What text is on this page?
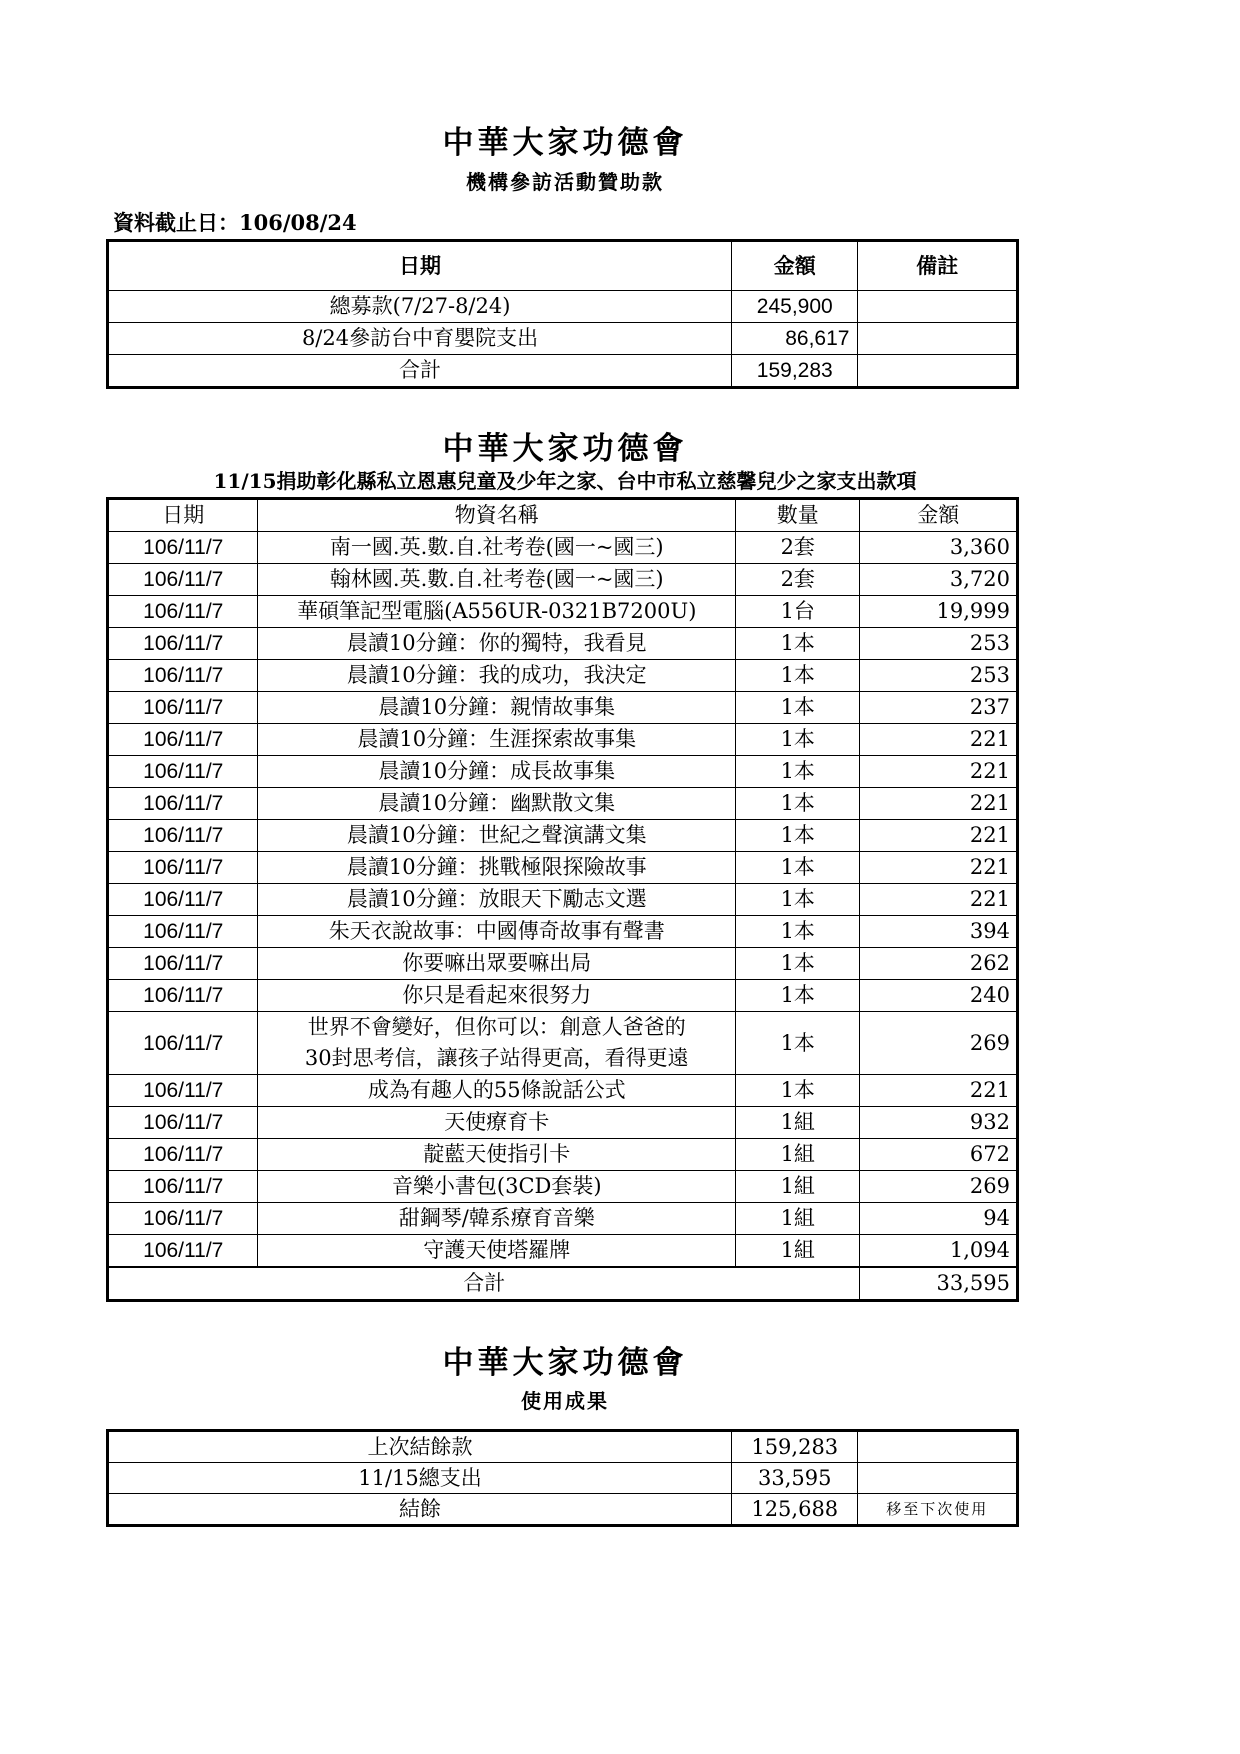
中華大家功德會
機構參訪活動贊助款
資料截止日：106/08/24
日期	金額	備註
總募款(7/27-8/24)	245,900	
8/24參訪台中育嬰院支出	86,617	
合計	159,283	
中華大家功德會
11/15捐助彰化縣私立恩惠兒童及少年之家、台中市私立慈馨兒少之家支出款項
日期	物資名稱	數量	金額
106/11/7	南一國.英.數.自.社考卷(國一~國三)	2套	3,360
106/11/7	翰林國.英.數.自.社考卷(國一~國三)	2套	3,720
106/11/7	華碩筆記型電腦(A556UR-0321B7200U)	1台	19,999
106/11/7	晨讀10分鐘：你的獨特，我看見	1本	253
106/11/7	晨讀10分鐘：我的成功，我決定	1本	253
106/11/7	晨讀10分鐘：親情故事集	1本	237
106/11/7	晨讀10分鐘：生涯探索故事集	1本	221
106/11/7	晨讀10分鐘：成長故事集	1本	221
106/11/7	晨讀10分鐘：幽默散文集	1本	221
106/11/7	晨讀10分鐘：世紀之聲演講文集	1本	221
106/11/7	晨讀10分鐘：挑戰極限探險故事	1本	221
106/11/7	晨讀10分鐘：放眼天下勵志文選	1本	221
106/11/7	朱天衣說故事：中國傳奇故事有聲書	1本	394
106/11/7	你要嘛出眾要嘛出局	1本	262
106/11/7	你只是看起來很努力	1本	240
106/11/7	世界不會變好，但你可以：創意人爸爸的
30封思考信，讓孩子站得更高，看得更遠	1本	269
106/11/7	成為有趣人的55條說話公式	1本	221
106/11/7	天使療育卡	1組	932
106/11/7	靛藍天使指引卡	1組	672
106/11/7	音樂小書包(3CD套裝)	1組	269
106/11/7	甜鋼琴/韓系療育音樂	1組	94
106/11/7	守護天使塔羅牌	1組	1,094
合計			33,595
中華大家功德會
使用成果
上次結餘款	159,283	
11/15總支出	33,595	
結餘	125,688	移至下次使用
